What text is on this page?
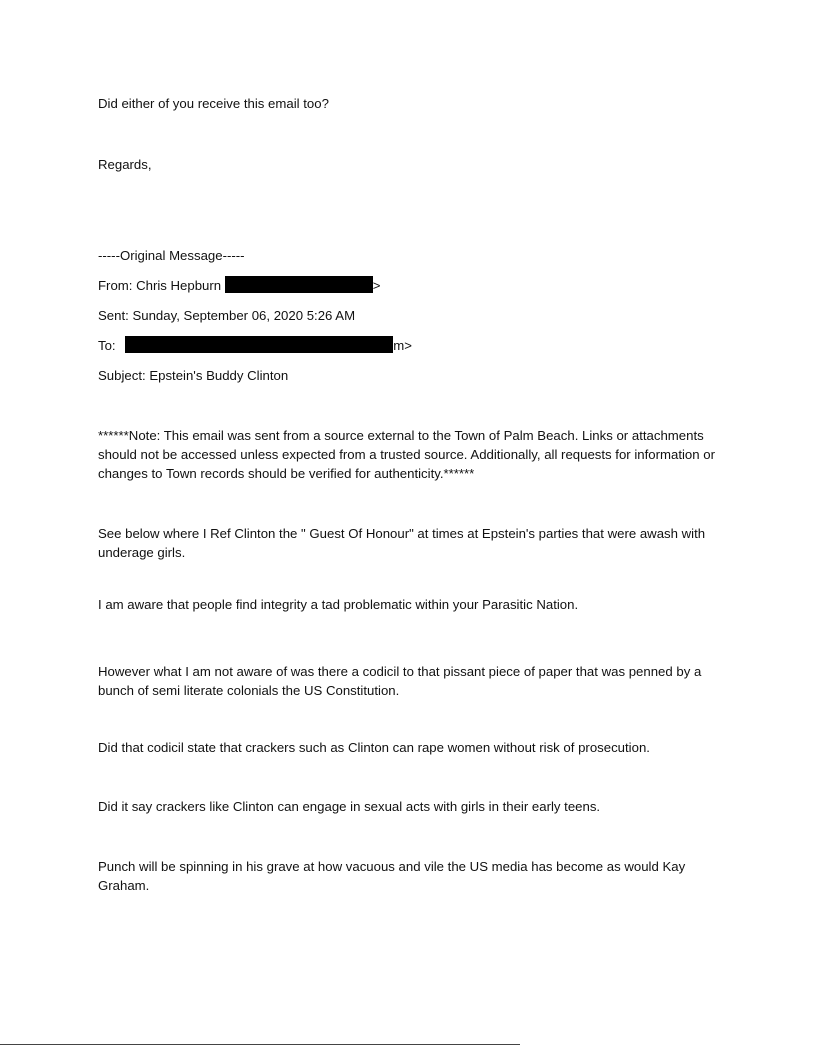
Did either of you receive this email too?
Regards,
-----Original Message-----
From: Chris Hepburn	>
Sent: Sunday, September 06, 2020 5:26 AM
To:	m>
Subject: Epstein's Buddy Clinton
******Note: This email was sent from a source external to the Town of Palm Beach. Links or attachments should not be accessed unless expected from a trusted source. Additionally, all requests for information or changes to Town records should be verified for authenticity.******
See below where I Ref Clinton the " Guest Of Honour" at times at Epstein's parties that were awash with underage girls.
I am aware that people find integrity a tad problematic within your Parasitic Nation.
However what I am not aware of was there a codicil to that pissant piece of paper that was penned by a bunch of semi literate colonials the US Constitution.
Did that codicil state that crackers such as Clinton can rape women without risk of prosecution.
Did it say crackers like Clinton can engage in sexual acts with girls in their early teens.
Punch will be spinning in his grave at how vacuous and vile the US media has become as would Kay Graham.
